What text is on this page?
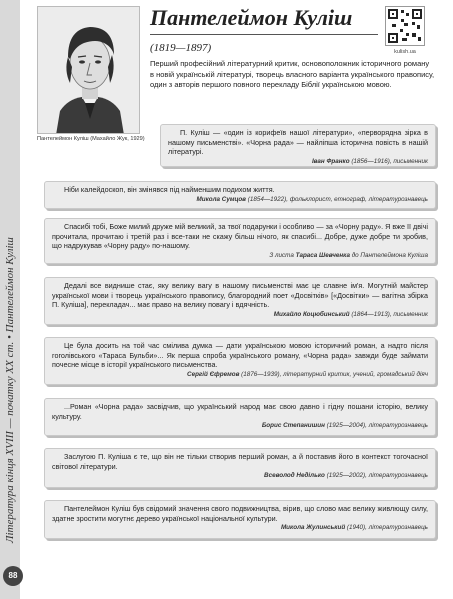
Література кінця XVIII — початку XX ст. • Пантелеймон Куліш
88
Пантелеймон Куліш (Махайло Жук, 1929)
Пантелеймон Куліш
kulish.ua
(1819—1897)
Перший професійний літературний критик, основоположник історичного роману в новій українській літературі, творець власного варіанта українського правопису, один з авторів першого повного перекладу Біблії українською мовою.
П. Куліш — «один із корифеїв нашої літератури», «перворядна зірка в нашому письменстві». «Чорна рада» — найліпша історична повість в нашій літературі.
Іван Франко (1856—1916), письменник
Ніби калейдоскоп, він змінявся під найменшим подихом життя.
Микола Сумцов (1854—1922), фольклорист, етнограф, літературознавець
Спасибі тобі, Боже милий друже мій великий, за твої подарунки і особливо — за «Чорну раду». Я вже її двічі прочитала, прочитаю і третій раз і все-таки не скажу більш нічого, як спасибі... Добре, дуже добре ти зробив, що надрукував «Чорну раду» по-нашому.
З листа Тараса Шевченка до Пантелеймона Куліша
Дедалі все виднише стає, яку велику вагу в нашому письменстві має це славне ім'я. Могутній майстер української мови і творець українського правопису, благородний поет «Досвітків» [«Досвітки» — вагітна збірка П. Куліша], перекладач... має право на велику повагу і вдячність.
Михайло Коцюбинський (1864—1913), письменник
Це була досить на той час смілива думка — дати українською мовою історичний роман, а надто після гоголівського «Тараса Бульби»... Як перша спроба українського роману, «Чорна рада» завжди буде займати почесне місце в історії українського письменства.
Сергій Єфремов (1876—1939), літературний критик, учений, громадський діяч
...Роман «Чорна рада» засвідчив, що український народ має свою давно і гідну пошани історію, велику культуру.
Борис Степанишин (1925—2004), літературознавець
Заслугою П. Куліша є те, що він не тільки створив перший роман, а й поставив його в контекст тогочасної світової літератури.
Всеволод Неділько (1925—2002), літературознавець
Пантелеймон Куліш був свідомий значення свого подвижництва, вірив, що слово має велику живлющу силу, здатне зростити могутнє дерево української національної культури.
Микола Жулинський (1940), літературознавець
